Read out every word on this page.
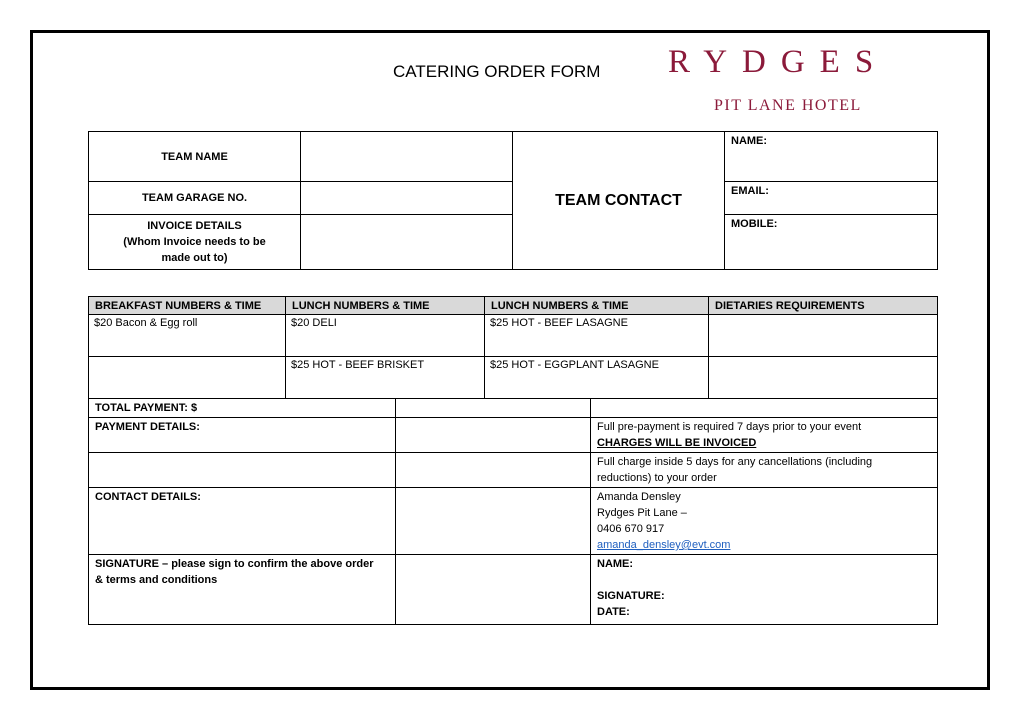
CATERING ORDER FORM RYDGES
PIT LANE HOTEL
TEAM NAME		TEAM CONTACT	NAME:
TEAM GARAGE NO.			EMAIL:

INVOICE DETAILS
(Whom Invoice needs to be
made out to)			MOBILE:
BREAKFAST NUMBERS & TIME	LUNCH NUMBERS & TIME	LUNCH NUMBERS & TIME	DIETARIES REQUIREMENTS
$20 Bacon & Egg roll	$20 DELI	$25 HOT - BEEF LASAGNE	
	$25 HOT - BEEF BRISKET	$25 HOT - EGGPLANT LASAGNE	
TOTAL PAYMENT: $		
PAYMENT DETAILS:		Full pre-payment is required 7 days prior to your event
CHARGES WILL BE INVOICED

		Full charge inside 5 days for any cancellations (including
reductions) to your order

CONTACT DETAILS:		Amanda Densley
Rydges Pit Lane –
0406 670 917
amanda_densley@evt.com

SIGNATURE – please sign to confirm the above order
& terms and conditions		NAME:

SIGNATURE:
DATE:
